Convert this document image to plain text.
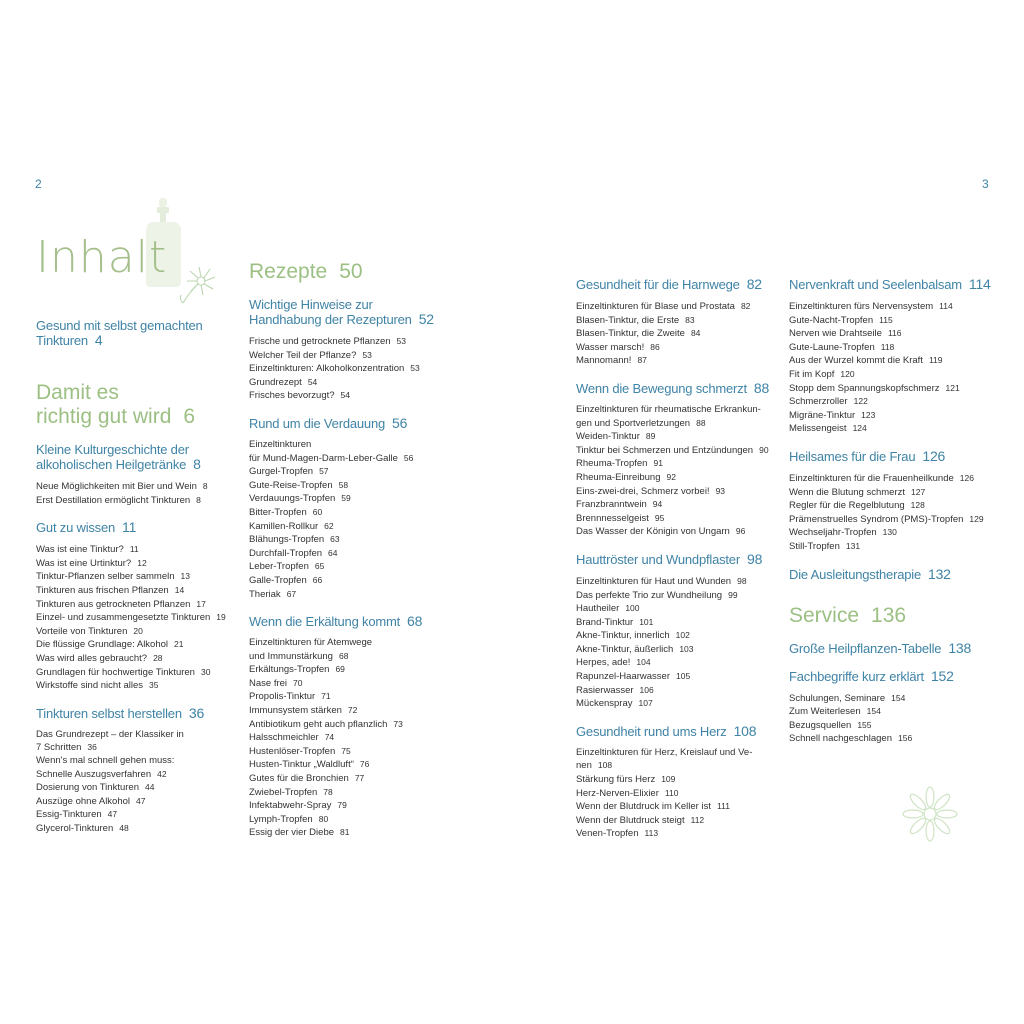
2	3
Inhalt
Gesund mit selbst gemachten Tinkturen 4
Damit es
richtig gut wird 6
Kleine Kulturgeschichte der
alkoholischen Heilgetränke 8
Neue Möglichkeiten mit Bier und Wein 8
Erst Destillation ermöglicht Tinkturen 8
Gut zu wissen 11
Was ist eine Tinktur? 11
Was ist eine Urtinktur? 12
Tinktur-Pflanzen selber sammeln 13
Tinkturen aus frischen Pflanzen 14
Tinkturen aus getrockneten Pflanzen 17
Einzel- und zusammengesetzte Tinkturen 19
Vorteile von Tinkturen 20
Die flüssige Grundlage: Alkohol 21
Was wird alles gebraucht? 28
Grundlagen für hochwertige Tinkturen 30
Wirkstoffe sind nicht alles 35
Tinkturen selbst herstellen 36
Das Grundrezept – der Klassiker in
7 Schritten 36
Wenn's mal schnell gehen muss:
Schnelle Auszugsverfahren 42
Dosierung von Tinkturen 44
Auszüge ohne Alkohol 47
Essig-Tinkturen 47
Glycerol-Tinkturen 48
Rezepte 50
Wichtige Hinweise zur
Handhabung der Rezepturen 52
Frische und getrocknete Pflanzen 53
Welcher Teil der Pflanze? 53
Einzeltinkturen: Alkoholkonzentration 53
Grundrezept 54
Frisches bevorzugt? 54
Rund um die Verdauung 56
Einzeltinkturen
für Mund-Magen-Darm-Leber-Galle 56
Gurgel-Tropfen 57
Gute-Reise-Tropfen 58
Verdauungs-Tropfen 59
Bitter-Tropfen 60
Kamillen-Rollkur 62
Blähungs-Tropfen 63
Durchfall-Tropfen 64
Leber-Tropfen 65
Galle-Tropfen 66
Theriak 67
Wenn die Erkältung kommt 68
Einzeltinkturen für Atemwege
und Immunstärkung 68
Erkältungs-Tropfen 69
Nase frei 70
Propolis-Tinktur 71
Immunsystem stärken 72
Antibiotikum geht auch pflanzlich 73
Halsschmeichler 74
Hustenlöser-Tropfen 75
Husten-Tinktur „Waldluft“ 76
Gutes für die Bronchien 77
Zwiebel-Tropfen 78
Infektabwehr-Spray 79
Lymph-Tropfen 80
Essig der vier Diebe 81
Gesundheit für die Harnwege 82
Einzeltinkturen für Blase und Prostata 82
Blasen-Tinktur, die Erste 83
Blasen-Tinktur, die Zweite 84
Wasser marsch! 86
Mannomann! 87
Wenn die Bewegung schmerzt 88
Einzeltinkturen für rheumatische Erkrankun-
gen und Sportverletzungen 88
Weiden-Tinktur 89
Tinktur bei Schmerzen und Entzündungen 90
Rheuma-Tropfen 91
Rheuma-Einreibung 92
Eins-zwei-drei, Schmerz vorbei! 93
Franzbranntwein 94
Brennnesselgeist 95
Das Wasser der Königin von Ungarn 96
Hauttröster und Wundpflaster 98
Einzeltinkturen für Haut und Wunden 98
Das perfekte Trio zur Wundheilung 99
Hautheiler 100
Brand-Tinktur 101
Akne-Tinktur, innerlich 102
Akne-Tinktur, äußerlich 103
Herpes, ade! 104
Rapunzel-Haarwasser 105
Rasierwasser 106
Mückenspray 107
Gesundheit rund ums Herz 108
Einzeltinkturen für Herz, Kreislauf und Ve-
nen 108
Stärkung fürs Herz 109
Herz-Nerven-Elixier 110
Wenn der Blutdruck im Keller ist 111
Wenn der Blutdruck steigt 112
Venen-Tropfen 113
Nervenkraft und Seelenbalsam 114
Einzeltinkturen fürs Nervensystem 114
Gute-Nacht-Tropfen 115
Nerven wie Drahtseile 116
Gute-Laune-Tropfen 118
Aus der Wurzel kommt die Kraft 119
Fit im Kopf 120
Stopp dem Spannungskopfschmerz 121
Schmerzroller 122
Migräne-Tinktur 123
Melissengeist 124
Heilsames für die Frau 126
Einzeltinkturen für die Frauenheilkunde 126
Wenn die Blutung schmerzt 127
Regler für die Regelblutung 128
Prämenstruelles Syndrom (PMS)-Tropfen 129
Wechseljahr-Tropfen 130
Still-Tropfen 131
Die Ausleitungstherapie 132
Service 136
Große Heilpflanzen-Tabelle 138
Fachbegriffe kurz erklärt 152
Schulungen, Seminare 154
Zum Weiterlesen 154
Bezugsquellen 155
Schnell nachgeschlagen 156
